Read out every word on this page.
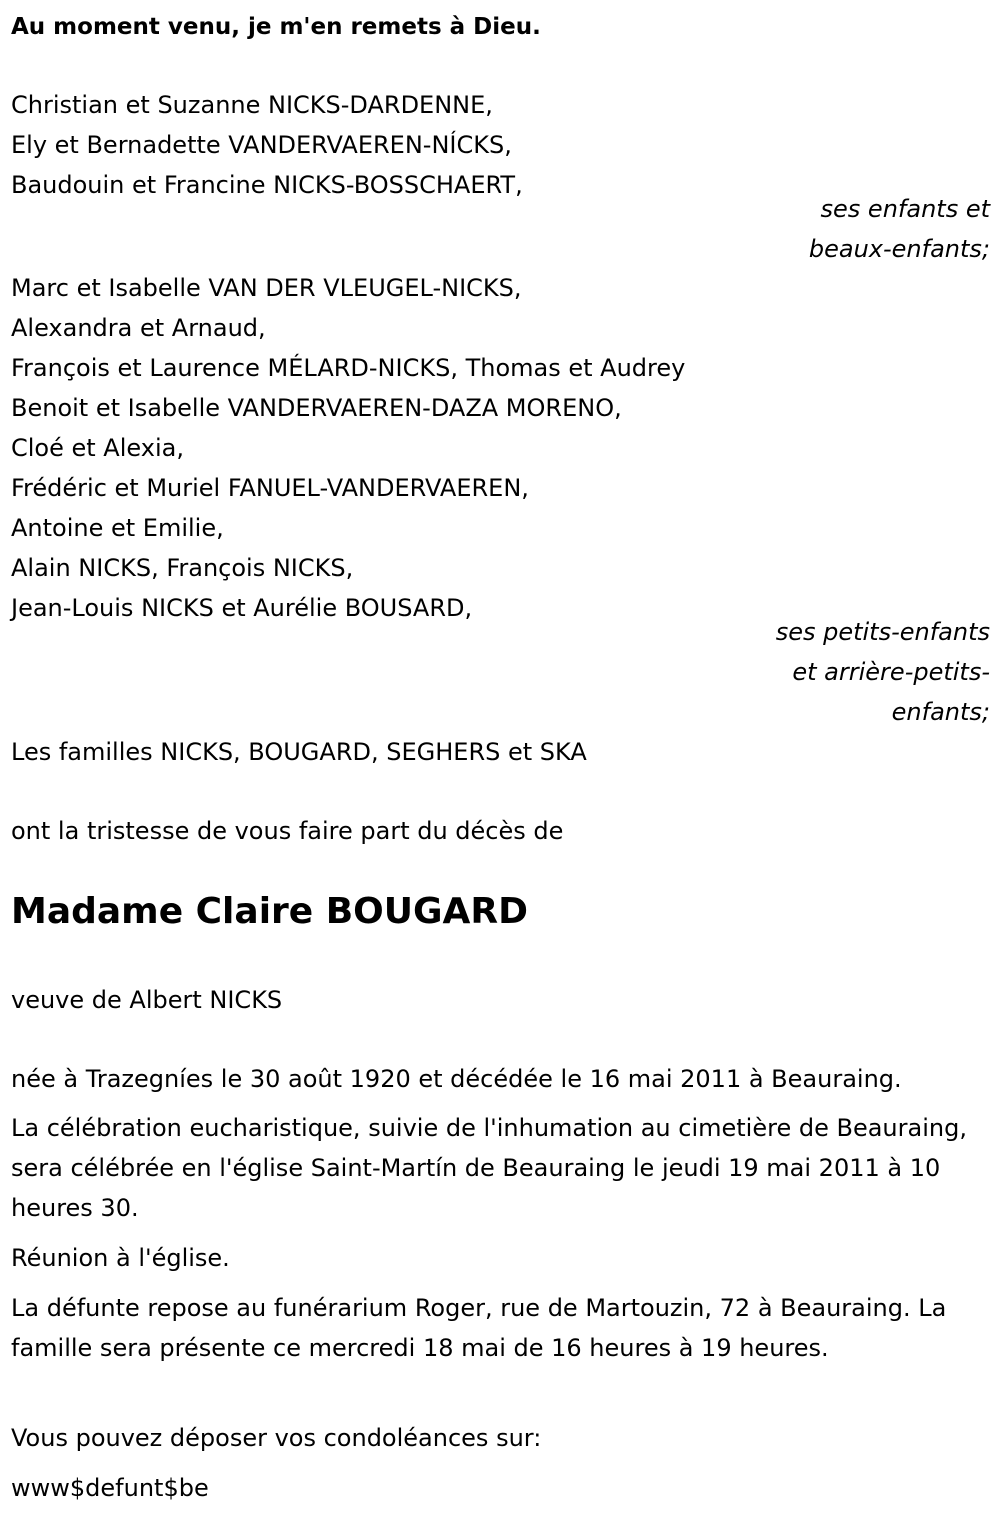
Au moment venu, je m'en remets à Dieu.
Christian et Suzanne NICKS-DARDENNE,
Ely et Bernadette VANDERVAEREN-NÍCKS,
Baudouin et Francine NICKS-BOSSCHAERT,
ses enfants et
beaux-enfants;
Marc et Isabelle VAN DER VLEUGEL-NICKS,
Alexandra et Arnaud,
François et Laurence MÉLARD-NICKS, Thomas et Audrey
Benoit et Isabelle VANDERVAEREN-DAZA MORENO,
Cloé et Alexia,
Frédéric et Muriel FANUEL-VANDERVAEREN,
Antoine et Emilie,
Alain NICKS, François NICKS,
Jean-Louis NICKS et Aurélie BOUSARD,
ses petits-enfants
et arrière-petits-
enfants;
Les familles NICKS, BOUGARD, SEGHERS et SKA
ont la tristesse de vous faire part du décès de
Madame Claire BOUGARD
veuve de Albert NICKS
née à Trazegníes le 30 août 1920 et décédée le 16 mai 2011 à Beauraing.
La célébration eucharistique, suivie de l'inhumation au cimetière de Beauraing, sera célébrée en l'église Saint-Martín de Beauraing le jeudi 19 mai 2011 à 10 heures 30.
Réunion à l'église.
La défunte repose au funérarium Roger, rue de Martouzin, 72 à Beauraing. La famille sera présente ce mercredi 18 mai de 16 heures à 19 heures.
Vous pouvez déposer vos condoléances sur:
www$defunt$be
